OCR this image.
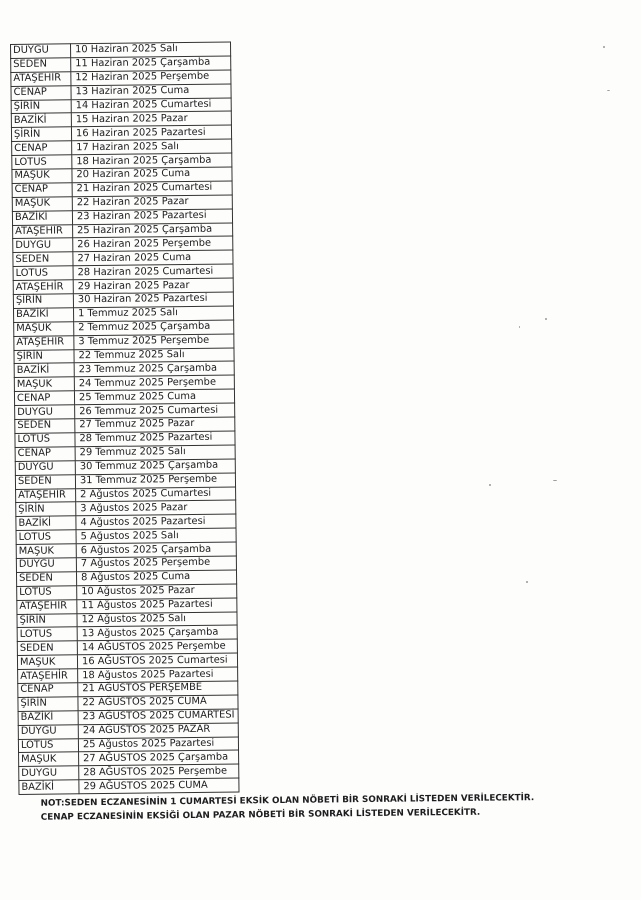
DUYGU	10 Haziran 2025 Salı
SEDEN	11 Haziran 2025 Çarşamba
ATAŞEHİR	12 Haziran 2025 Perşembe
CENAP	13 Haziran 2025 Cuma
ŞİRİN	14 Haziran 2025 Cumartesi
BAZİKİ	15 Haziran 2025 Pazar
ŞİRİN	16 Haziran 2025 Pazartesi
CENAP	17 Haziran 2025 Salı
LOTUS	18 Haziran 2025 Çarşamba
MAŞUK	20 Haziran 2025 Cuma
CENAP	21 Haziran 2025 Cumartesi
MAŞUK	22 Haziran 2025 Pazar
BAZİKİ	23 Haziran 2025 Pazartesi
ATAŞEHİR	25 Haziran 2025 Çarşamba
DUYGU	26 Haziran 2025 Perşembe
SEDEN	27 Haziran 2025 Cuma
LOTUS	28 Haziran 2025 Cumartesi
ATAŞEHİR	29 Haziran 2025 Pazar
ŞİRİN	30 Haziran 2025 Pazartesi
BAZİKİ	1 Temmuz 2025 Salı
MAŞUK	2 Temmuz 2025 Çarşamba
ATAŞEHİR	3 Temmuz 2025 Perşembe
ŞİRİN	22 Temmuz 2025 Salı
BAZİKİ	23 Temmuz 2025 Çarşamba
MAŞUK	24 Temmuz 2025 Perşembe
CENAP	25 Temmuz 2025 Cuma
DUYGU	26 Temmuz 2025 Cumartesi
SEDEN	27 Temmuz 2025 Pazar
LOTUS	28 Temmuz 2025 Pazartesi
CENAP	29 Temmuz 2025 Salı
DUYGU	30 Temmuz 2025 Çarşamba
SEDEN	31 Temmuz 2025 Perşembe
ATAŞEHİR	2 Ağustos 2025 Cumartesi
ŞİRİN	3 Ağustos 2025 Pazar
BAZİKİ	4 Ağustos 2025 Pazartesi
LOTUS	5 Ağustos 2025 Salı
MAŞUK	6 Ağustos 2025 Çarşamba
DUYGU	7 Ağustos 2025 Perşembe
SEDEN	8 Ağustos 2025 Cuma
LOTUS	10 Ağustos 2025 Pazar
ATAŞEHİR	11 Ağustos 2025 Pazartesi
ŞİRİN	12 Ağustos 2025 Salı
LOTUS	13 Ağustos 2025 Çarşamba
SEDEN	14 AĞUSTOS 2025 Perşembe
MAŞUK	16 AĞUSTOS 2025 Cumartesi
ATAŞEHİR	18 Ağustos 2025 Pazartesi
CENAP	21 AĞUSTOS PERŞEMBE
ŞİRİN	22 AĞUSTOS 2025 CUMA
BAZİKİ	23 AĞUSTOS 2025 CUMARTESİ
DUYGU	24 AĞUSTOS 2025 PAZAR
LOTUS	25 Ağustos 2025 Pazartesi
MAŞUK	27 AĞUSTOS 2025 Çarşamba
DUYGU	28 AĞUSTOS 2025 Perşembe
BAZİKİ	29 AĞUSTOS 2025 CUMA
NOT:SEDEN ECZANESİNİN 1 CUMARTESİ EKSİK OLAN NÖBETİ BİR SONRAKİ LİSTEDEN VERİLECEKTİR.
CENAP ECZANESİNİN EKSİĞİ OLAN PAZAR NÖBETİ BİR SONRAKİ LİSTEDEN VERİLECEKİTR.
